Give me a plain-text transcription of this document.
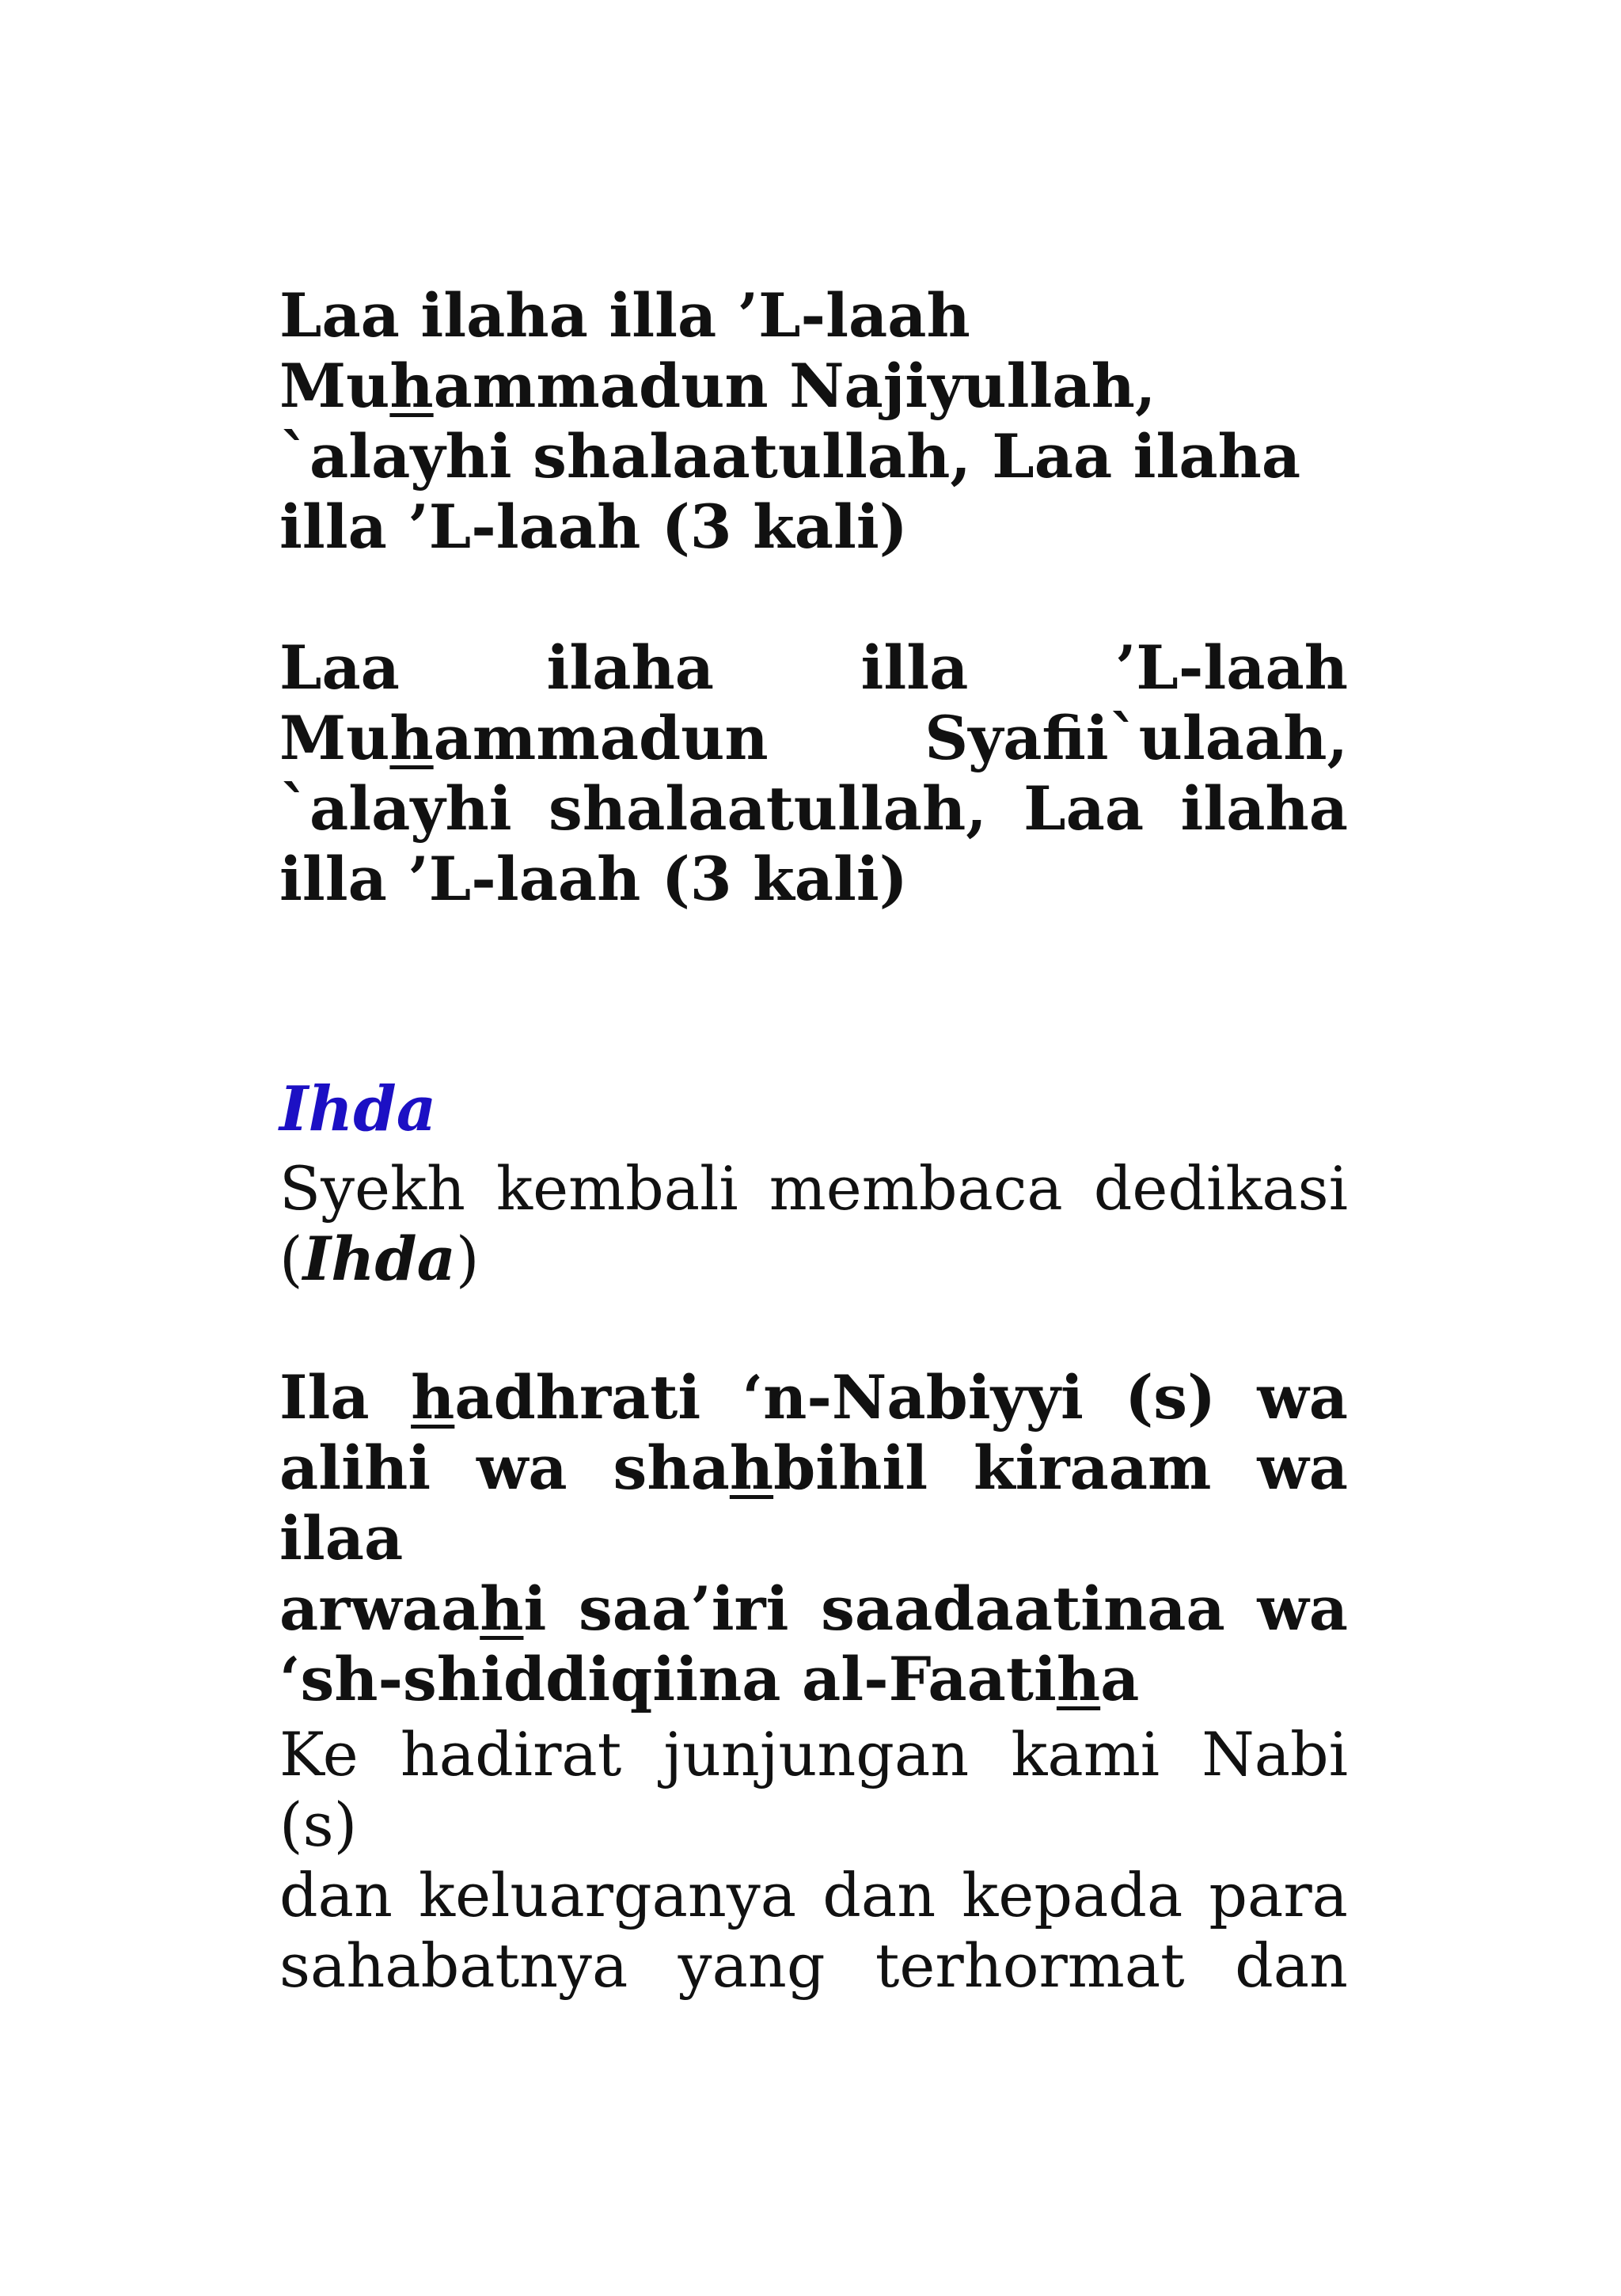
Laa ilaha illa ’L-laah
Muhammadun Najiyullah,
`alayhi shalaatullah, Laa ilaha
illa ’L-laah (3 kali)

Laa ilaha illa ’L-laah
Muhammadun Syafii`ulaah,
`alayhi shalaatullah, Laa ilaha
illa ’L-laah (3 kali)

Ihda

Syekh kembali membaca dedikasi
(Ihda)

Ila hadhrati ‘n-Nabiyyi (s) wa
alihi wa shahbihil kiraam wa ilaa
arwaahi saa’iri saadaatinaa wa
‘sh-shiddiqiina al-Faatiha

Ke hadirat junjungan kami Nabi (s)
dan keluarganya dan kepada para
sahabatnya yang terhormat dan
